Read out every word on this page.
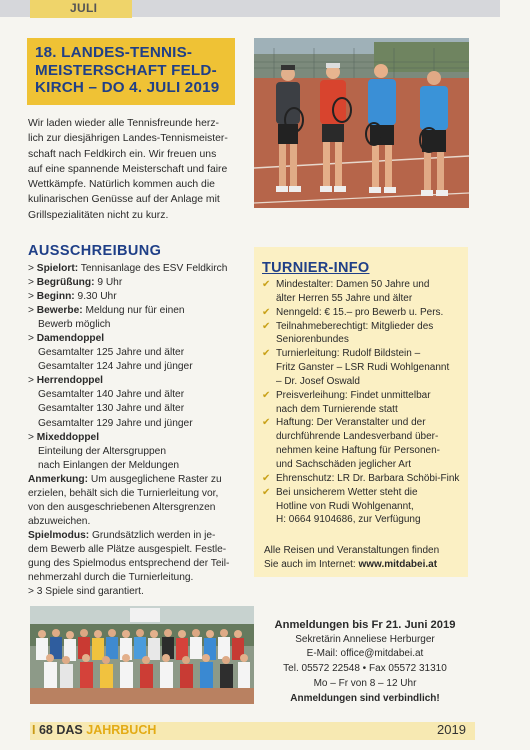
JULI
18. LANDES-TENNIS-
MEISTERSCHAFT FELD-
KIRCH – DO 4. JULI 2019
Wir laden wieder alle Tennisfreunde herz-
lich zur diesjährigen Landes-Tennismeister-
schaft nach Feldkirch ein. Wir freuen uns
auf eine spannende Meisterschaft und faire
Wettkämpfe. Natürlich kommen auch die
kulinarischen Genüsse auf der Anlage mit
Grillspezialitäten nicht zu kurz.
AUSSCHREIBUNG
> Spielort: Tennisanlage des ESV Feldkirch
> Begrüßung: 9 Uhr
> Beginn: 9.30 Uhr
> Bewerbe: Meldung nur für einen
Bewerb möglich
> Damendoppel
Gesamtalter 125 Jahre und älter
Gesamtalter 124 Jahre und jünger
> Herrendoppel
Gesamtalter 140 Jahre und älter
Gesamtalter 130 Jahre und älter
Gesamtalter 129 Jahre und jünger
> Mixeddoppel
Einteilung der Altersgruppen
nach Einlangen der Meldungen
Anmerkung: Um ausgeglichene Raster zu
erzielen, behält sich die Turnierleitung vor,
von den ausgeschriebenen Altersgrenzen
abzuweichen.
Spielmodus: Grundsätzlich werden in je-
dem Bewerb alle Plätze ausgespielt. Festle-
gung des Spielmodus entsprechend der Teil-
nehmerzahl durch die Turnierleitung.
> 3 Spiele sind garantiert.
TURNIER-INFO
✔ Mindestalter: Damen 50 Jahre und
älter Herren 55 Jahre und älter
✔ Nenngeld: € 15.– pro Bewerb u. Pers.
✔ Teilnahmeberechtigt: Mitglieder des
Seniorenbundes
✔ Turnierleitung: Rudolf Bildstein –
Fritz Ganster – LSR Rudi Wohlgenannt
– Dr. Josef Oswald
✔ Preisverleihung: Findet unmittelbar
nach dem Turnierende statt
✔ Haftung: Der Veranstalter und der
durchführende Landesverband über-
nehmen keine Haftung für Personen-
und Sachschäden jeglicher Art
✔ Ehrenschutz: LR Dr. Barbara Schöbi-Fink
✔ Bei unsicherem Wetter steht die
Hotline von Rudi Wohlgenannt,
H: 0664 9104686, zur Verfügung
Alle Reisen und Veranstaltungen finden
Sie auch im Internet: www.mitdabei.at
Anmeldungen bis Fr 21. Juni 2019
Sekretärin Anneliese Herburger
E-Mail: office@mitdabei.at
Tel. 05572 22548 • Fax 05572 31310
Mo – Fr von 8 – 12 Uhr
Anmeldungen sind verbindlich!
I 68 DAS JAHRBUCH	2019
